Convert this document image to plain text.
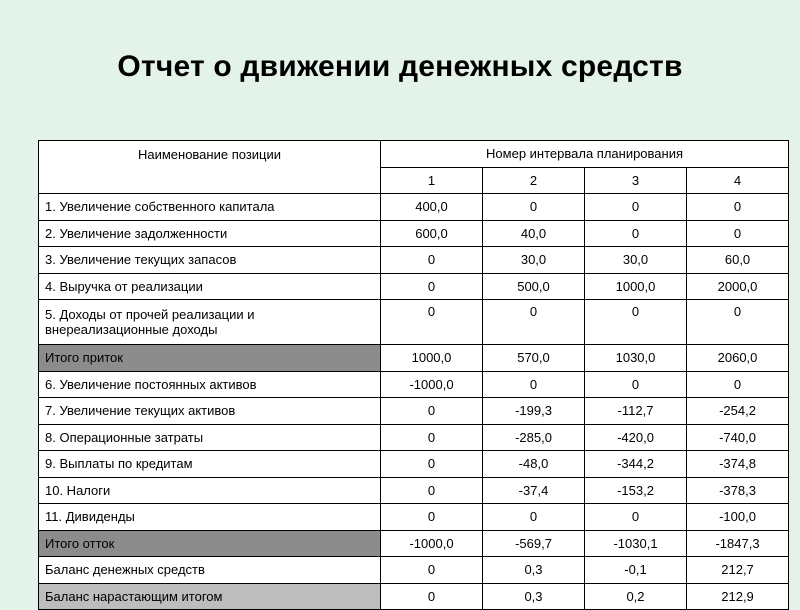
Отчет о движении денежных средств
Наименование позиции	Номер интервала планирования			
	1	2	3	4
1. Увеличение собственного капитала	400,0	0	0	0
2. Увеличение задолженности	600,0	40,0	0	0
3. Увеличение текущих запасов	0	30,0	30,0	60,0
4. Выручка от реализации	0	500,0	1000,0	2000,0
5. Доходы от прочей реализации и внереализационные доходы	0	0	0	0
Итого приток	1000,0	570,0	1030,0	2060,0
6. Увеличение постоянных активов	-1000,0	0	0	0
7. Увеличение текущих активов	0	-199,3	-112,7	-254,2
8. Операционные затраты	0	-285,0	-420,0	-740,0
9. Выплаты по кредитам	0	-48,0	-344,2	-374,8
10. Налоги	0	-37,4	-153,2	-378,3
11. Дивиденды	0	0	0	-100,0
Итого отток	-1000,0	-569,7	-1030,1	-1847,3
Баланс денежных средств	0	0,3	-0,1	212,7
Баланс нарастающим итогом	0	0,3	0,2	212,9
